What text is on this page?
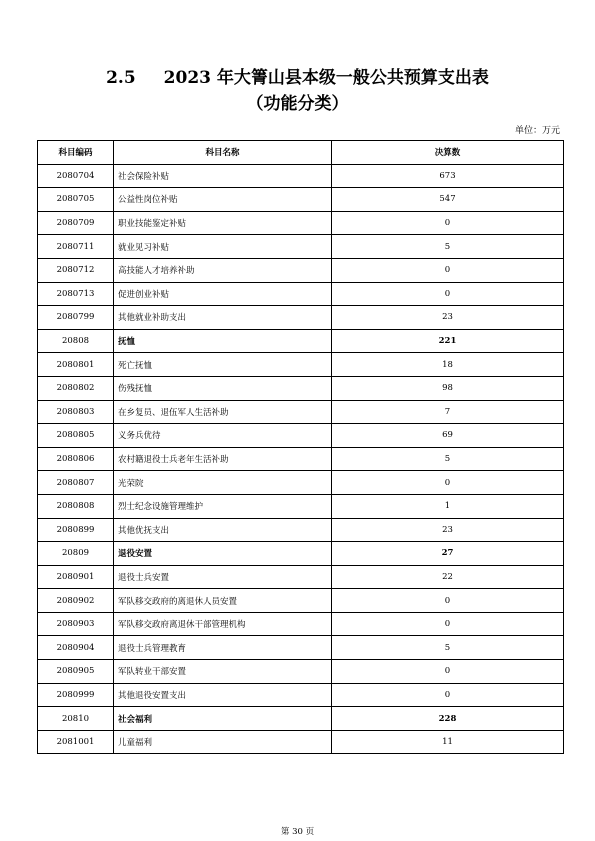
2.5 2023 年大箐山县本级一般公共预算支出表
（功能分类）
单位：万元
科目编码	科目名称	决算数
2080704	社会保险补贴	673
2080705	公益性岗位补贴	547
2080709	职业技能鉴定补贴	0
2080711	就业见习补贴	5
2080712	高技能人才培养补助	0
2080713	促进创业补贴	0
2080799	其他就业补助支出	23
20808	抚恤	221
2080801	死亡抚恤	18
2080802	伤残抚恤	98
2080803	在乡复员、退伍军人生活补助	7
2080805	义务兵优待	69
2080806	农村籍退役士兵老年生活补助	5
2080807	光荣院	0
2080808	烈士纪念设施管理维护	1
2080899	其他优抚支出	23
20809	退役安置	27
2080901	退役士兵安置	22
2080902	军队移交政府的离退休人员安置	0
2080903	军队移交政府离退休干部管理机构	0
2080904	退役士兵管理教育	5
2080905	军队转业干部安置	0
2080999	其他退役安置支出	0
20810	社会福利	228
2081001	儿童福利	11
第 30 页
